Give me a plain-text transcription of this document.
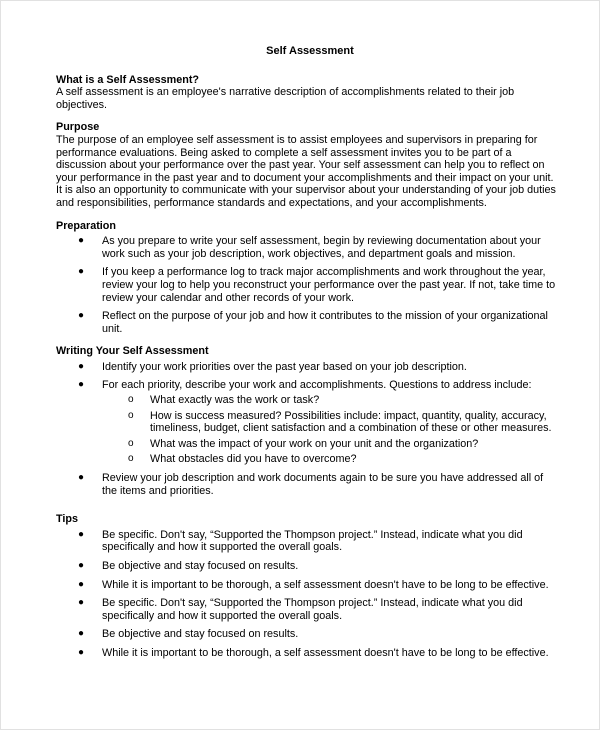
Self Assessment
What is a Self Assessment?
A self assessment is an employee's narrative description of accomplishments related to their job objectives.
Purpose
The purpose of an employee self assessment is to assist employees and supervisors in preparing for performance evaluations. Being asked to complete a self assessment invites you to be part of a discussion about your performance over the past year. Your self assessment can help you to reflect on your performance in the past year and to document your accomplishments and their impact on your unit. It is also an opportunity to communicate with your supervisor about your understanding of your job duties and responsibilities, performance standards and expectations, and your accomplishments.
Preparation
● As you prepare to write your self assessment, begin by reviewing documentation about your work such as your job description, work objectives, and department goals and mission.
● If you keep a performance log to track major accomplishments and work throughout the year, review your log to help you reconstruct your performance over the past year. If not, take time to review your calendar and other records of your work.
● Reflect on the purpose of your job and how it contributes to the mission of your organizational unit.
Writing Your Self Assessment
● Identify your work priorities over the past year based on your job description.
● For each priority, describe your work and accomplishments. Questions to address include:
o What exactly was the work or task?
o How is success measured? Possibilities include: impact, quantity, quality, accuracy, timeliness, budget, client satisfaction and a combination of these or other measures.
o What was the impact of your work on your unit and the organization?
o What obstacles did you have to overcome?
● Review your job description and work documents again to be sure you have addressed all of the items and priorities.
Tips
● Be specific. Don't say, “Supported the Thompson project.” Instead, indicate what you did specifically and how it supported the overall goals.
● Be objective and stay focused on results.
● While it is important to be thorough, a self assessment doesn't have to be long to be effective.
● Be specific. Don't say, “Supported the Thompson project.” Instead, indicate what you did specifically and how it supported the overall goals.
● Be objective and stay focused on results.
● While it is important to be thorough, a self assessment doesn't have to be long to be effective.
